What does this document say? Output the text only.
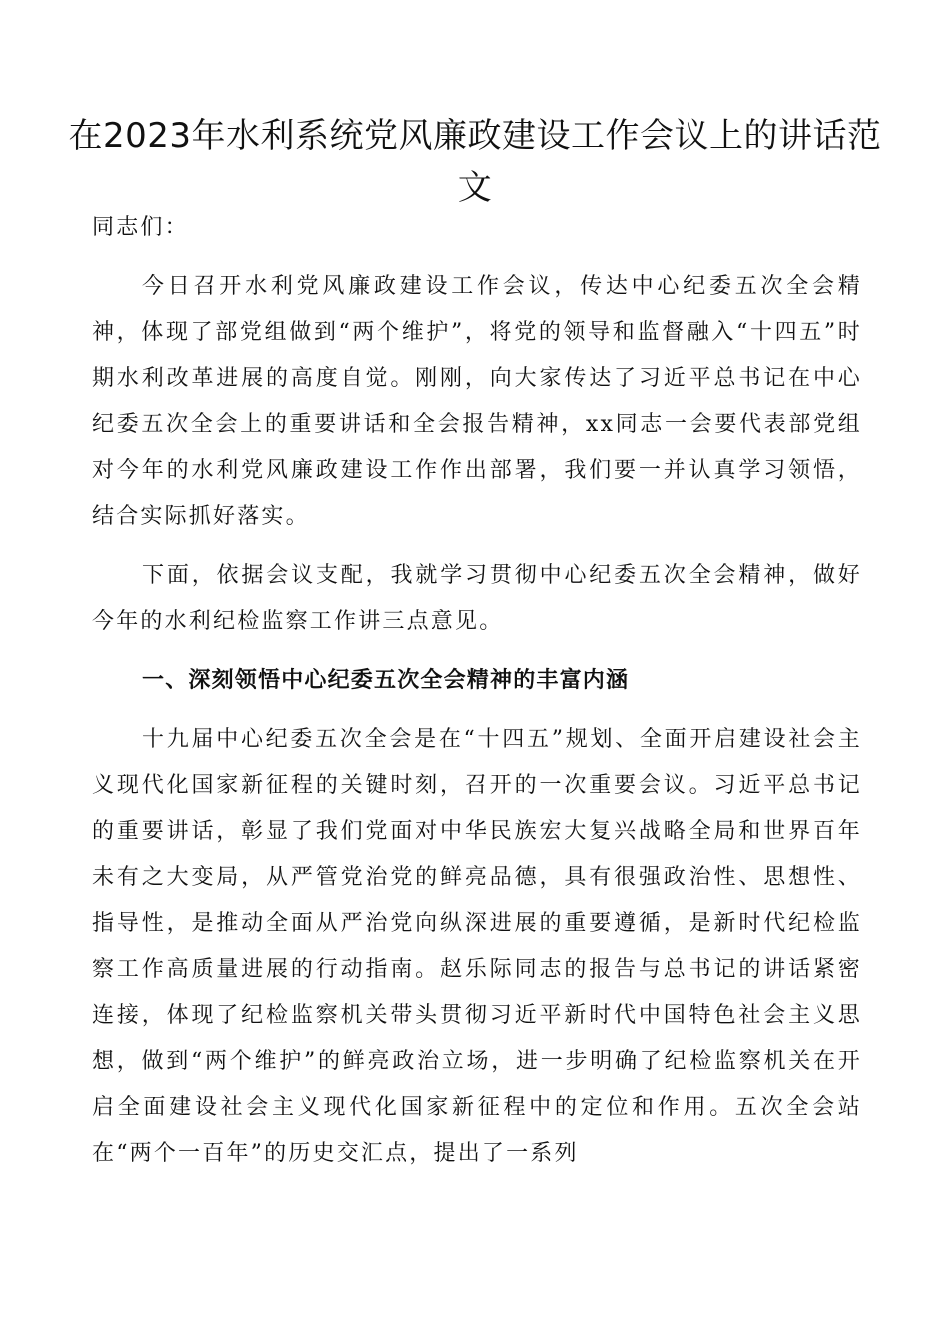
在2023年水利系统党风廉政建设工作会议上的讲话范文

同志们：

今日召开水利党风廉政建设工作会议，传达中心纪委五次全会精神，体现了部党组做到“两个维护”，将党的领导和监督融入“十四五”时期水利改革进展的高度自觉。刚刚，向大家传达了习近平总书记在中心纪委五次全会上的重要讲话和全会报告精神，xx同志一会要代表部党组对今年的水利党风廉政建设工作作出部署，我们要一并认真学习领悟，结合实际抓好落实。

下面，依据会议支配，我就学习贯彻中心纪委五次全会精神，做好今年的水利纪检监察工作讲三点意见。

一、深刻领悟中心纪委五次全会精神的丰富内涵

十九届中心纪委五次全会是在“十四五”规划、全面开启建设社会主义现代化国家新征程的关键时刻，召开的一次重要会议。习近平总书记的重要讲话，彰显了我们党面对中华民族宏大复兴战略全局和世界百年未有之大变局，从严管党治党的鲜亮品德，具有很强政治性、思想性、指导性，是推动全面从严治党向纵深进展的重要遵循，是新时代纪检监察工作高质量进展的行动指南。赵乐际同志的报告与总书记的讲话紧密连接，体现了纪检监察机关带头贯彻习近平新时代中国特色社会主义思想，做到“两个维护”的鲜亮政治立场，进一步明确了纪检监察机关在开启全面建设社会主义现代化国家新征程中的定位和作用。五次全会站在“两个一百年”的历史交汇点，提出了一系列
